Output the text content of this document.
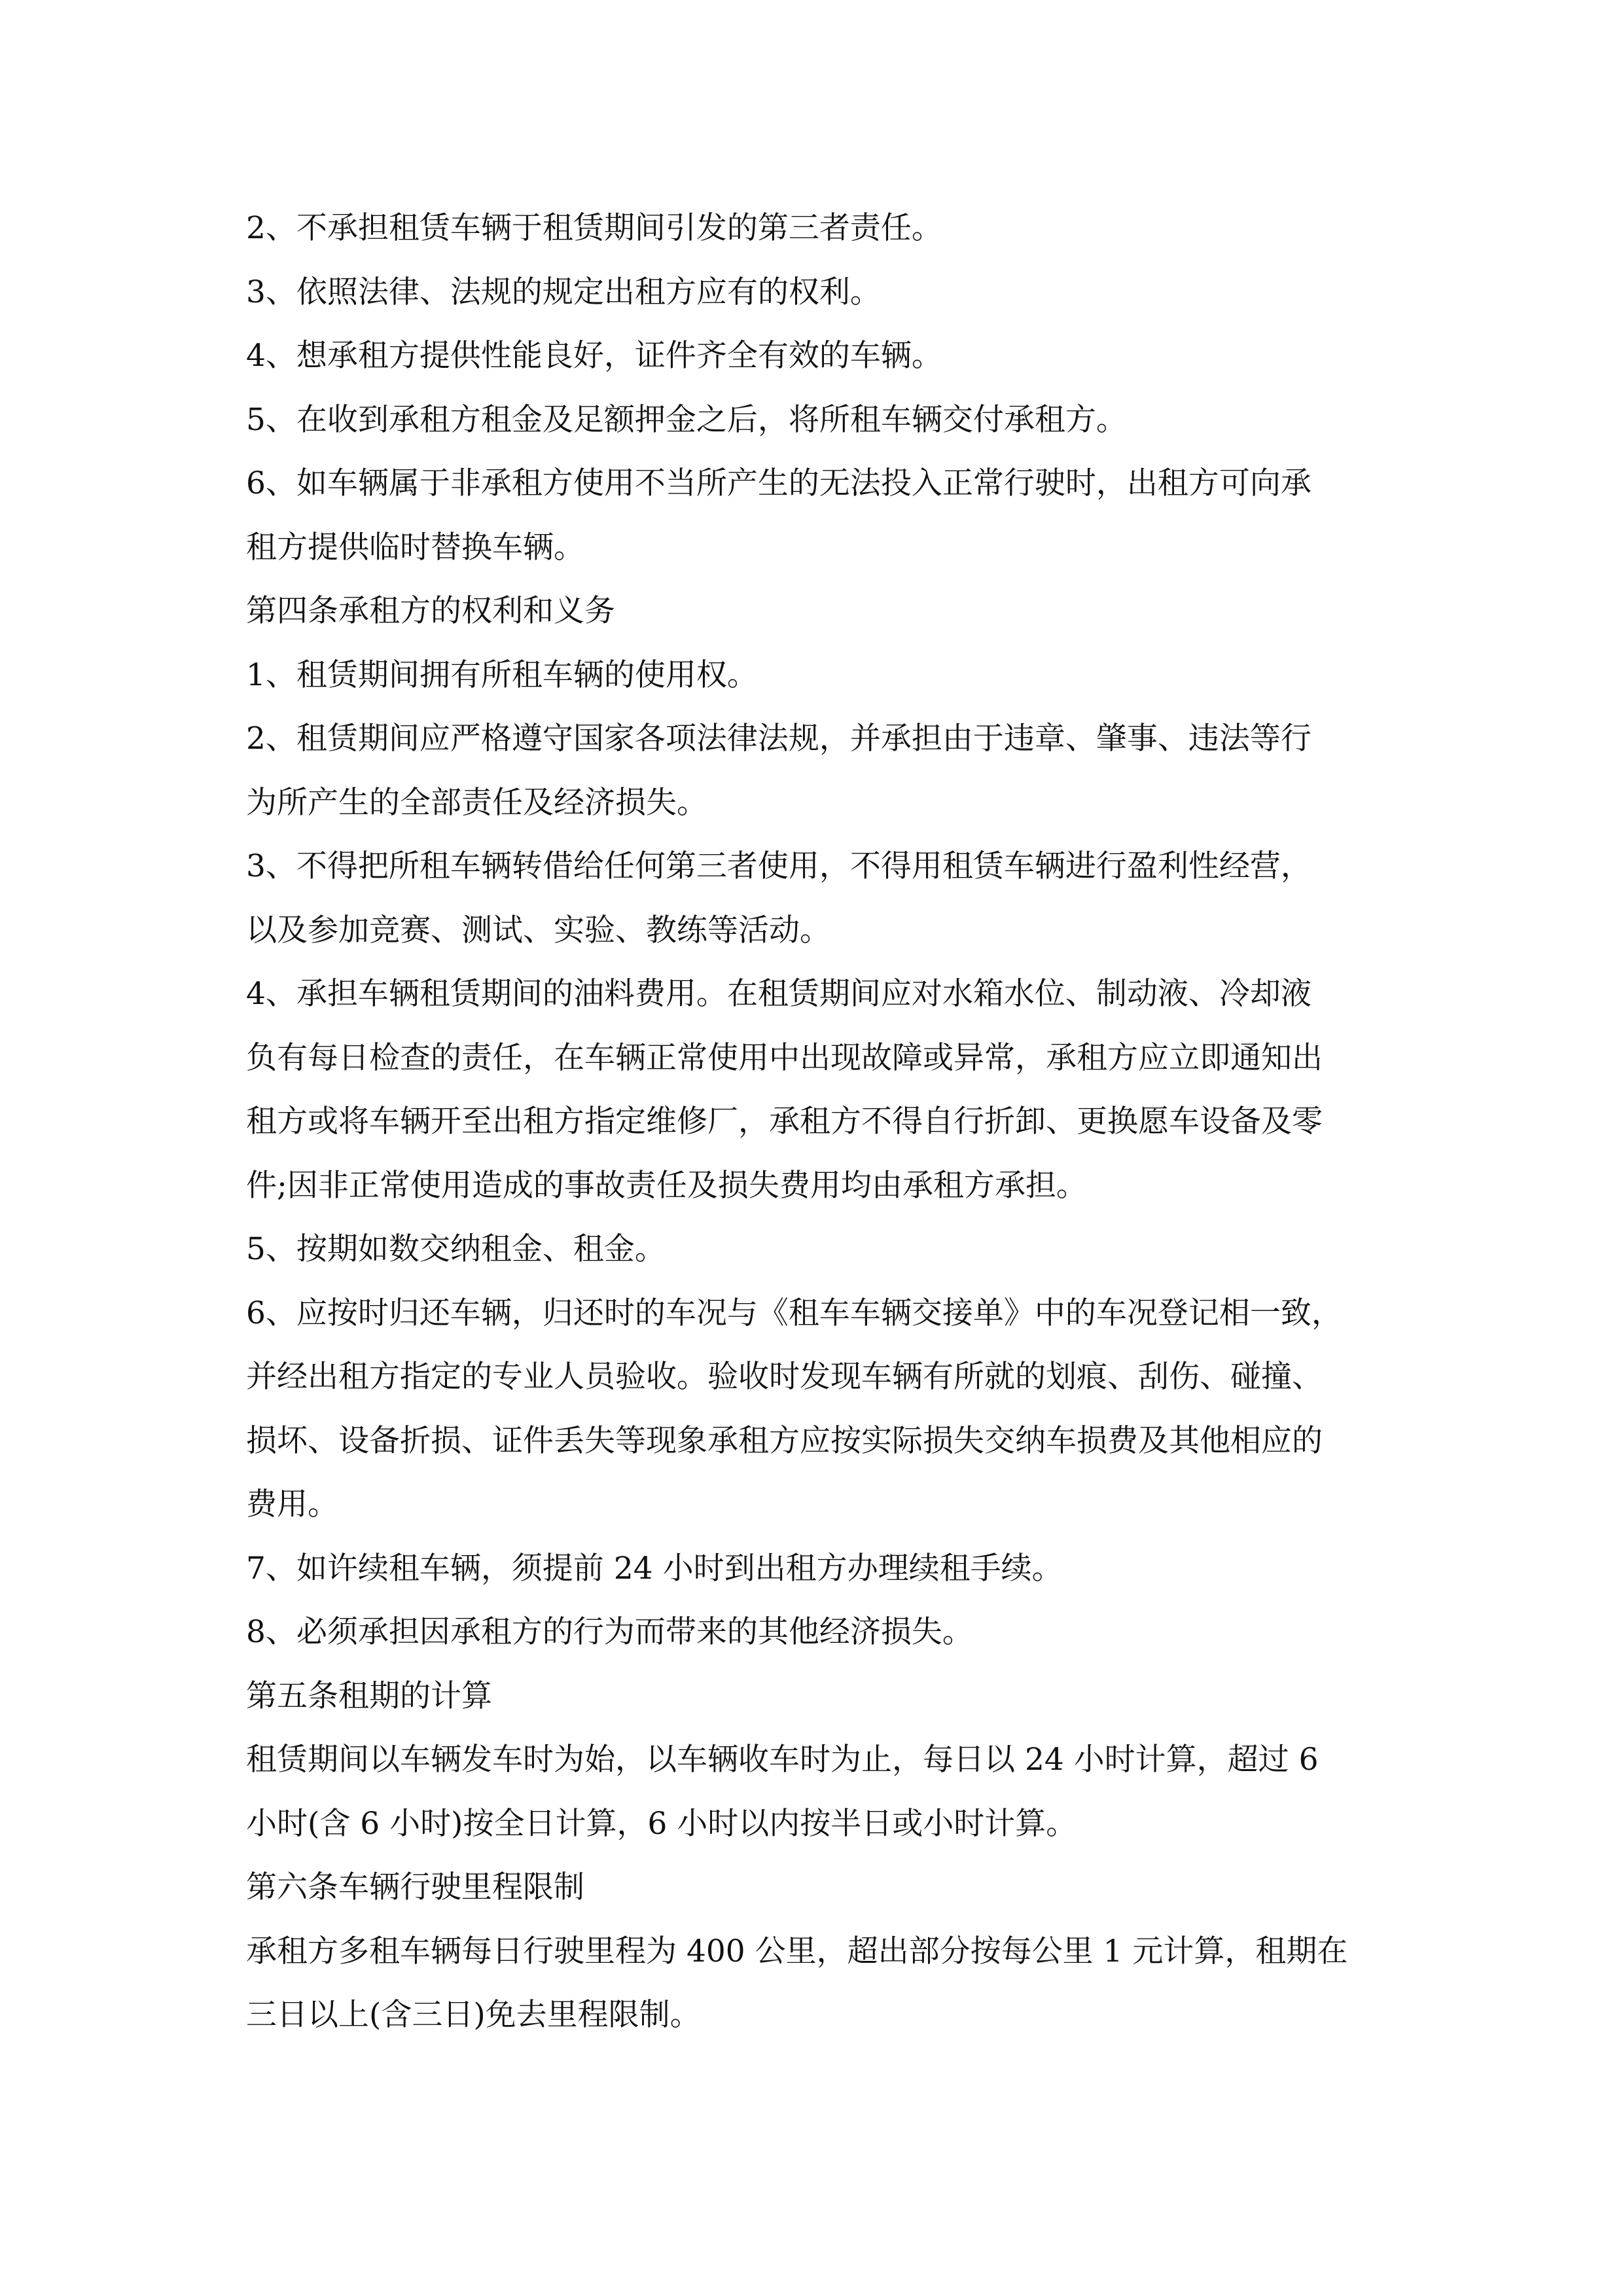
2、不承担租赁车辆于租赁期间引发的第三者责任。

3、依照法律、法规的规定出租方应有的权利。

4、想承租方提供性能良好，证件齐全有效的车辆。

5、在收到承租方租金及足额押金之后，将所租车辆交付承租方。

6、如车辆属于非承租方使用不当所产生的无法投入正常行驶时，出租方可向承

租方提供临时替换车辆。

第四条承租方的权利和义务

1、租赁期间拥有所租车辆的使用权。

2、租赁期间应严格遵守国家各项法律法规，并承担由于违章、肇事、违法等行

为所产生的全部责任及经济损失。

3、不得把所租车辆转借给任何第三者使用，不得用租赁车辆进行盈利性经营，

以及参加竞赛、测试、实验、教练等活动。

4、承担车辆租赁期间的油料费用。在租赁期间应对水箱水位、制动液、冷却液

负有每日检查的责任，在车辆正常使用中出现故障或异常，承租方应立即通知出

租方或将车辆开至出租方指定维修厂，承租方不得自行折卸、更换愿车设备及零

件;因非正常使用造成的事故责任及损失费用均由承租方承担。

5、按期如数交纳租金、租金。

6、应按时归还车辆，归还时的车况与《租车车辆交接单》中的车况登记相一致，

并经出租方指定的专业人员验收。验收时发现车辆有所就的划痕、刮伤、碰撞、

损坏、设备折损、证件丢失等现象承租方应按实际损失交纳车损费及其他相应的

费用。

7、如许续租车辆，须提前 24 小时到出租方办理续租手续。

8、必须承担因承租方的行为而带来的其他经济损失。

第五条租期的计算

租赁期间以车辆发车时为始，以车辆收车时为止，每日以 24 小时计算，超过 6

小时(含 6 小时)按全日计算，6 小时以内按半日或小时计算。

第六条车辆行驶里程限制

承租方多租车辆每日行驶里程为 400 公里，超出部分按每公里 1 元计算，租期在

三日以上(含三日)免去里程限制。
